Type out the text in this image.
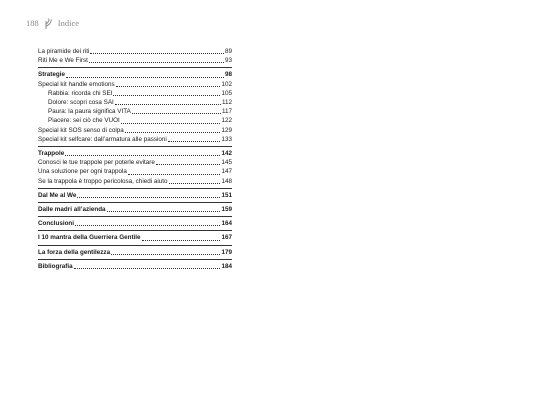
188 Indice
La piramide dei riti	89
Riti Me e We First	93
Strategie	98
Special kit handle emotions	102
Rabbia: ricorda chi SEI	105
Dolore: scopri cosa SAI	112
Paura: la paura significa VITA	117
Piacere: sei ciò che VUOI	122
Special kit SOS senso di colpa	129
Special kit selfcare: dall’armatura alle passioni	133
Trappole	142
Conosci le tue trappole per poterle evitare	145
Una soluzione per ogni trappola	147
Se la trappola è troppo pericolosa, chiedi aiuto	148
Dal Me al We	151
Dalle madri all’azienda	159
Conclusioni	164
I 10 mantra della Guerriera Gentile	167
La forza della gentilezza	179
Bibliografia	184
